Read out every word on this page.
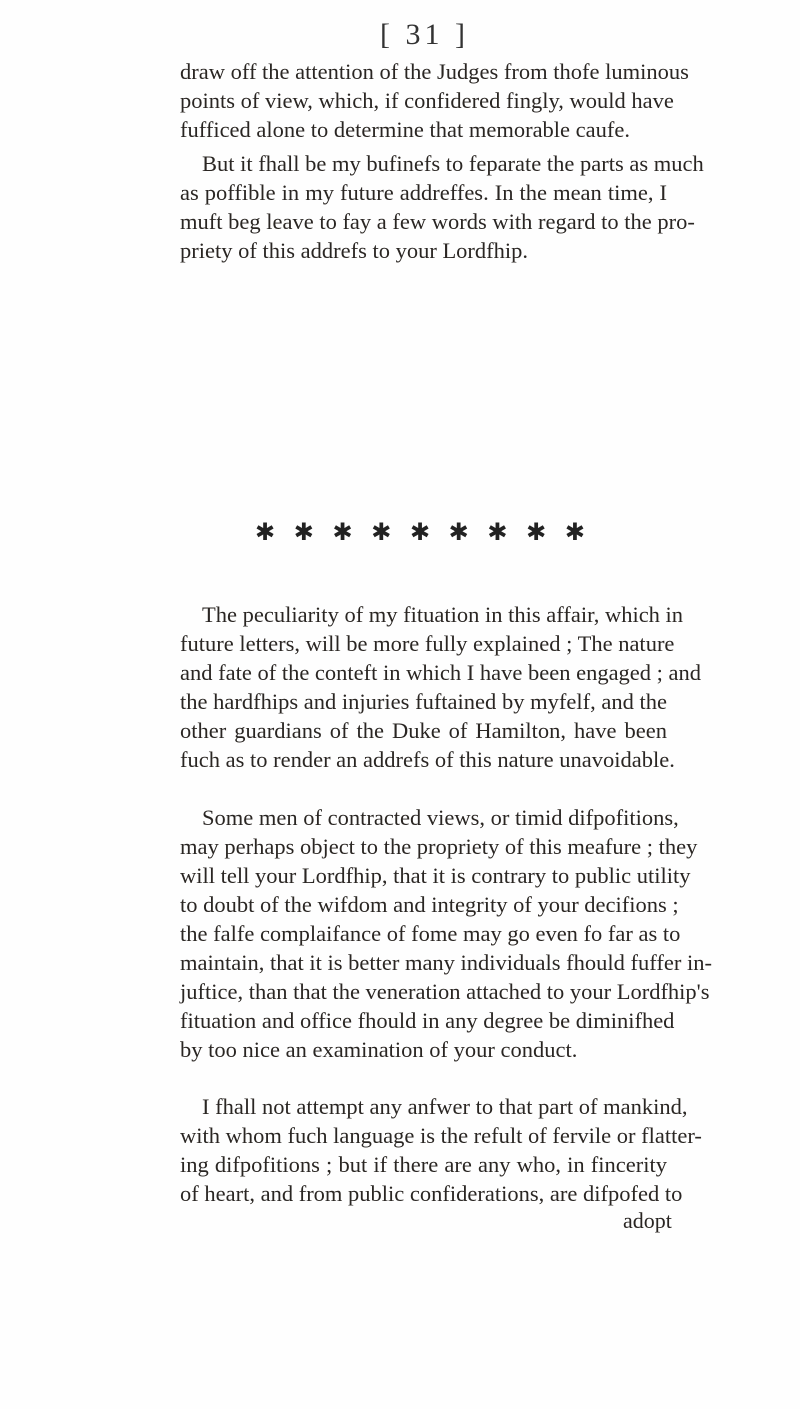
[ 31 ]

draw off the attention of the Judges from thofe luminous
points of view, which, if confidered fingly, would have
fufficed alone to determine that memorable caufe.

But it fhall be my bufinefs to feparate the parts as much
as poffible in my future addreffes. In the mean time, I
muft beg leave to fay a few words with regard to the pro-
priety of this addrefs to your Lordfhip.

✱ ✱ ✱ ✱ ✱ ✱ ✱ ✱ ✱

The peculiarity of my fituation in this affair, which in
future letters, will be more fully explained ; The nature
and fate of the conteft in which I have been engaged ; and
the hardfhips and injuries fuftained by myfelf, and the
other guardians of the Duke of Hamilton, have been
fuch as to render an addrefs of this nature unavoidable.

Some men of contracted views, or timid difpofitions,
may perhaps object to the propriety of this meafure ; they
will tell your Lordfhip, that it is contrary to public utility
to doubt of the wifdom and integrity of your decifions ;
the falfe complaifance of fome may go even fo far as to
maintain, that it is better many individuals fhould fuffer in-
juftice, than that the veneration attached to your Lordfhip's
fituation and office fhould in any degree be diminifhed
by too nice an examination of your conduct.

I fhall not attempt any anfwer to that part of mankind,
with whom fuch language is the refult of fervile or flatter-
ing difpofitions ; but if there are any who, in fincerity
of heart, and from public confiderations, are difpofed to

adopt
